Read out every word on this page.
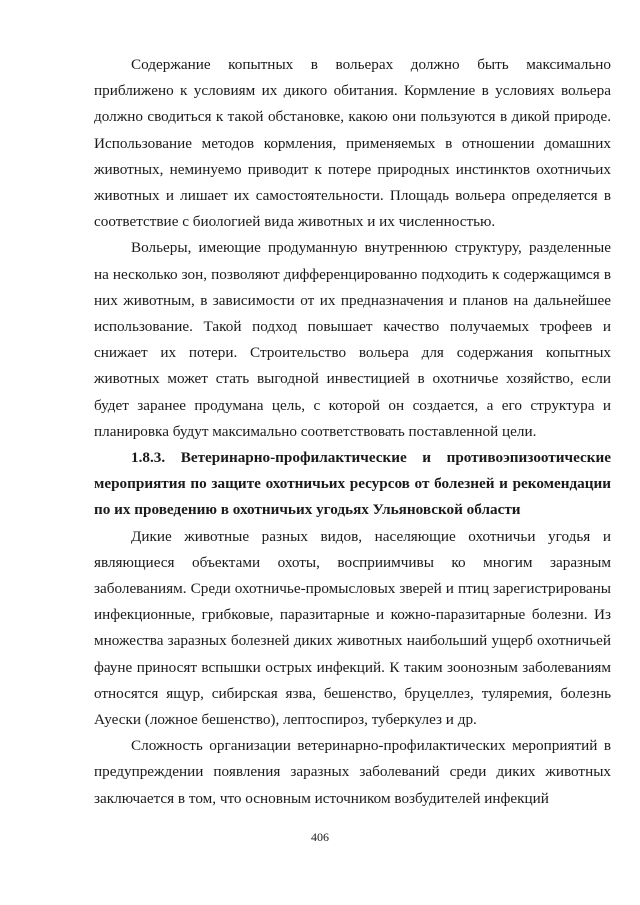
Содержание копытных в вольерах должно быть максимально приближено к условиям их дикого обитания. Кормление в условиях вольера должно сводиться к такой обстановке, какою они пользуются в дикой природе. Использование методов кормления, применяемых в отношении домашних животных, неминуемо приводит к потере природных инстинктов охотничьих животных и лишает их самостоятельности. Площадь вольера определяется в соответствие с биологией вида животных и их численностью.

Вольеры, имеющие продуманную внутреннюю структуру, разделенные на несколько зон, позволяют дифференцированно подходить к содержащимся в них животным, в зависимости от их предназначения и планов на дальнейшее использование. Такой подход повышает качество получаемых трофеев и снижает их потери. Строительство вольера для содержания копытных животных может стать выгодной инвестицией в охотничье хозяйство, если будет заранее продумана цель, с которой он создается, а его структура и планировка будут максимально соответствовать поставленной цели.

1.8.3. Ветеринарно-профилактические и противоэпизоотические мероприятия по защите охотничьих ресурсов от болезней и рекомендации по их проведению в охотничьих угодьях Ульяновской области

Дикие животные разных видов, населяющие охотничьи угодья и являющиеся объектами охоты, восприимчивы ко многим заразным заболеваниям. Среди охотничье-промысловых зверей и птиц зарегистрированы инфекционные, грибковые, паразитарные и кожно-паразитарные болезни. Из множества заразных болезней диких животных наибольший ущерб охотничьей фауне приносят вспышки острых инфекций. К таким зоонозным заболеваниям относятся ящур, сибирская язва, бешенство, бруцеллез, туляремия, болезнь Ауески (ложное бешенство), лептоспироз, туберкулез и др.

Сложность организации ветеринарно-профилактических мероприятий в предупреждении появления заразных заболеваний среди диких животных заключается в том, что основным источником возбудителей инфекций

406
